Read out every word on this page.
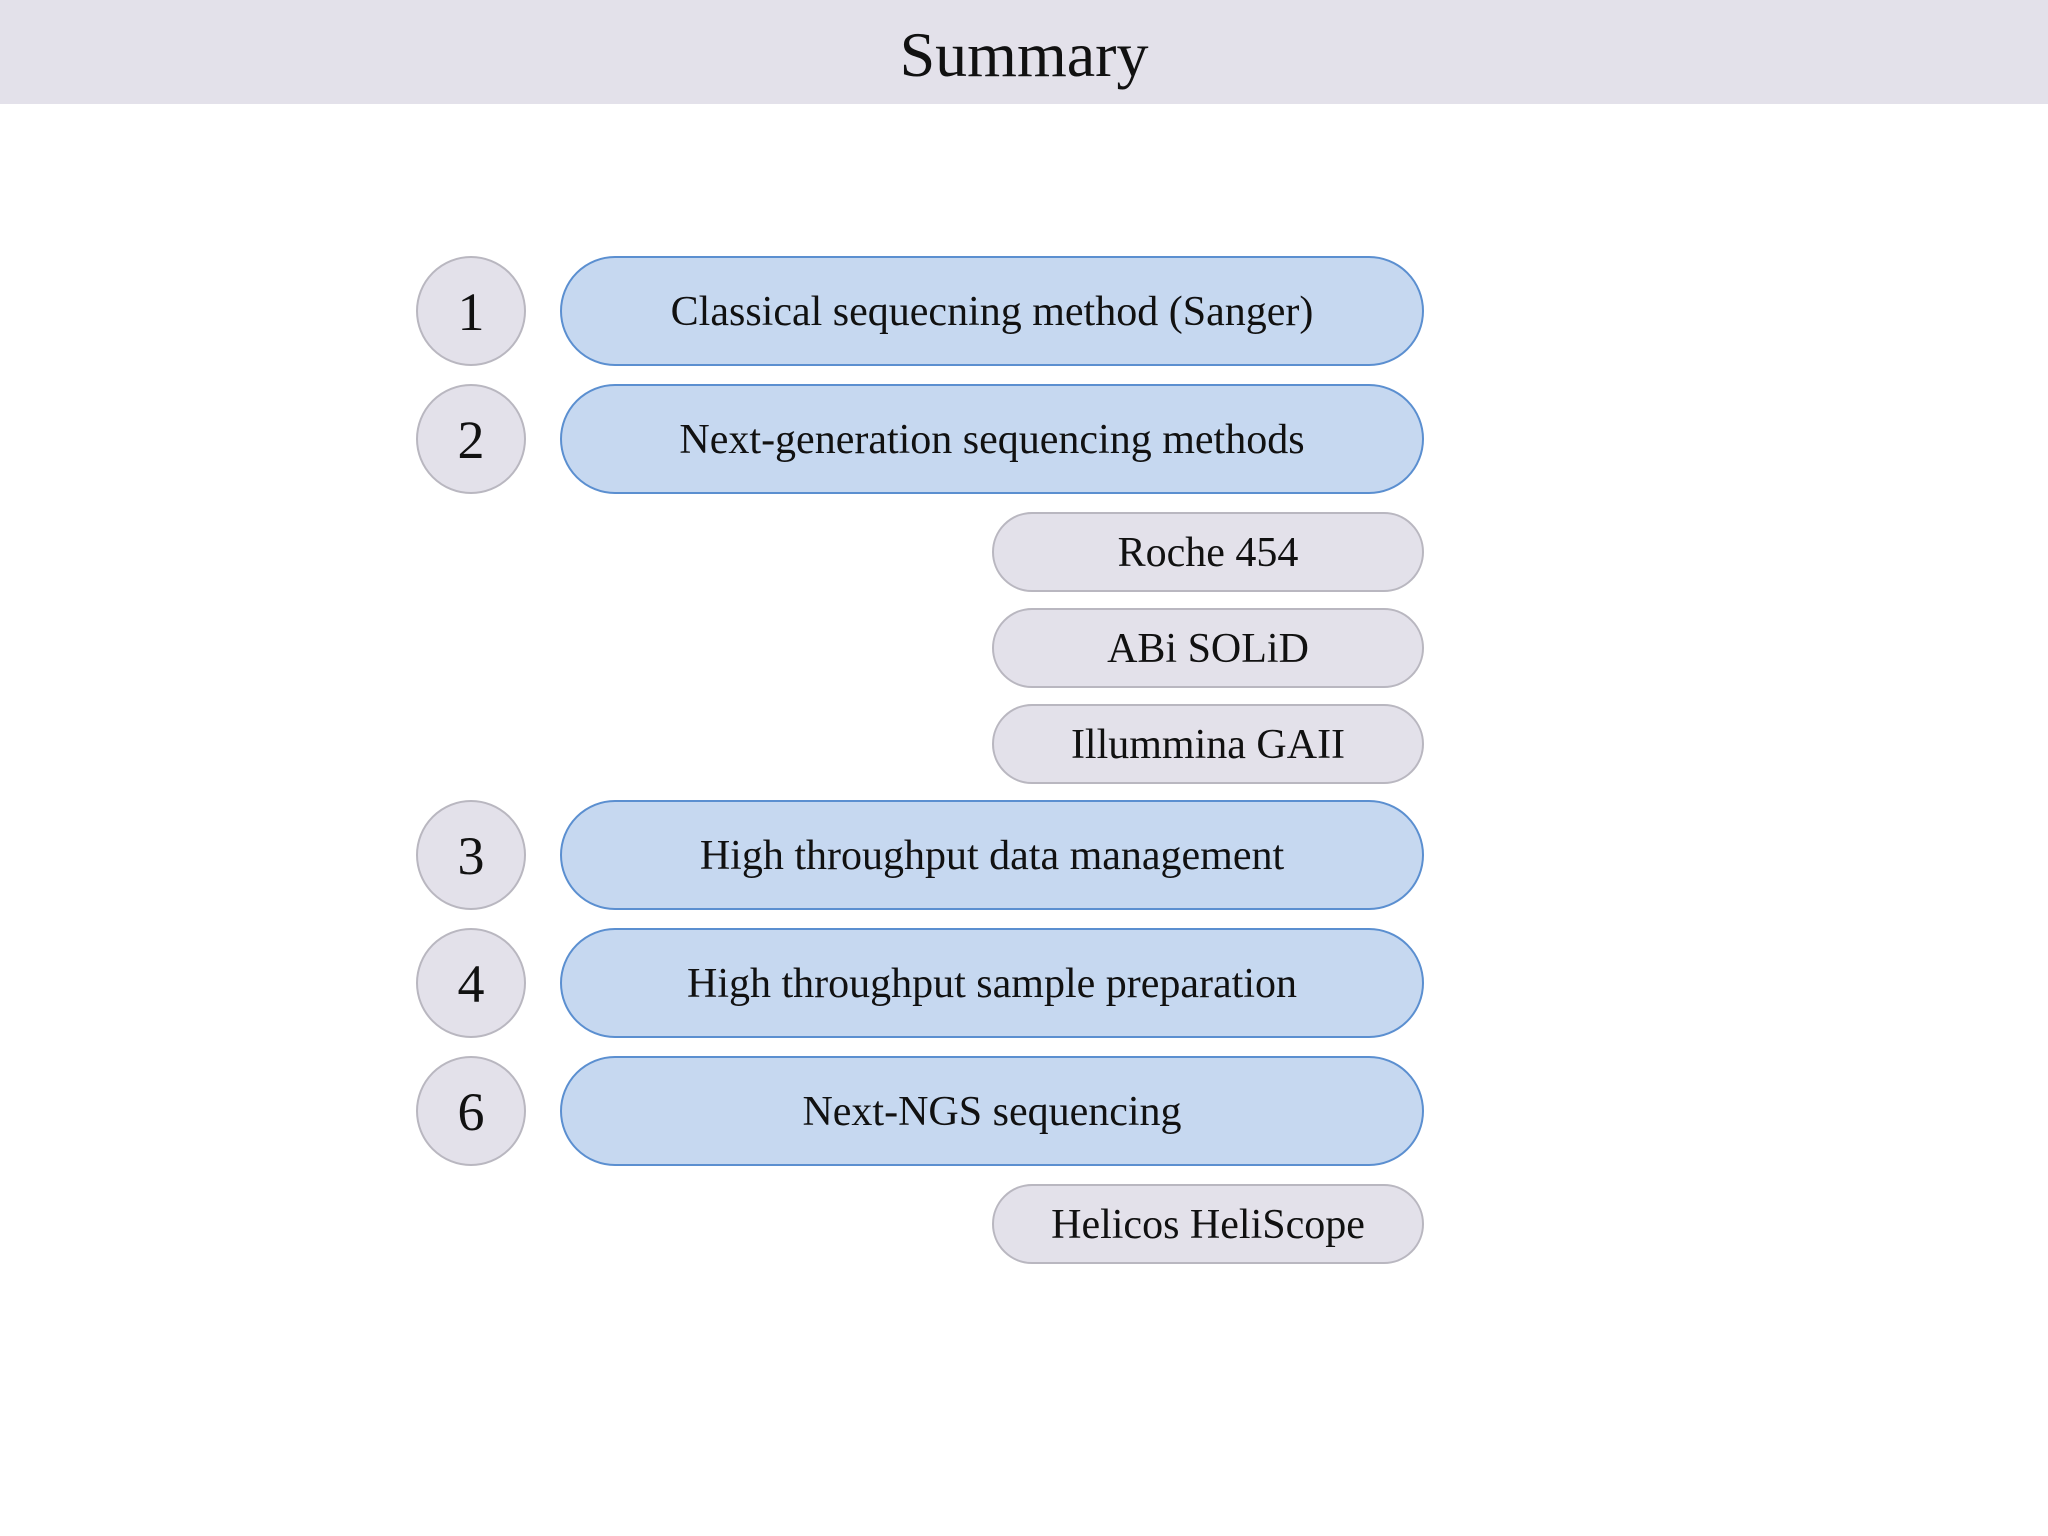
Summary
1	Classical sequecning method (Sanger)
2	Next-generation sequencing methods
Roche 454
ABi SOLiD
Illummina GAII
3	High throughput data management
4	High throughput sample preparation
6	Next-NGS sequencing
Helicos HeliScope
